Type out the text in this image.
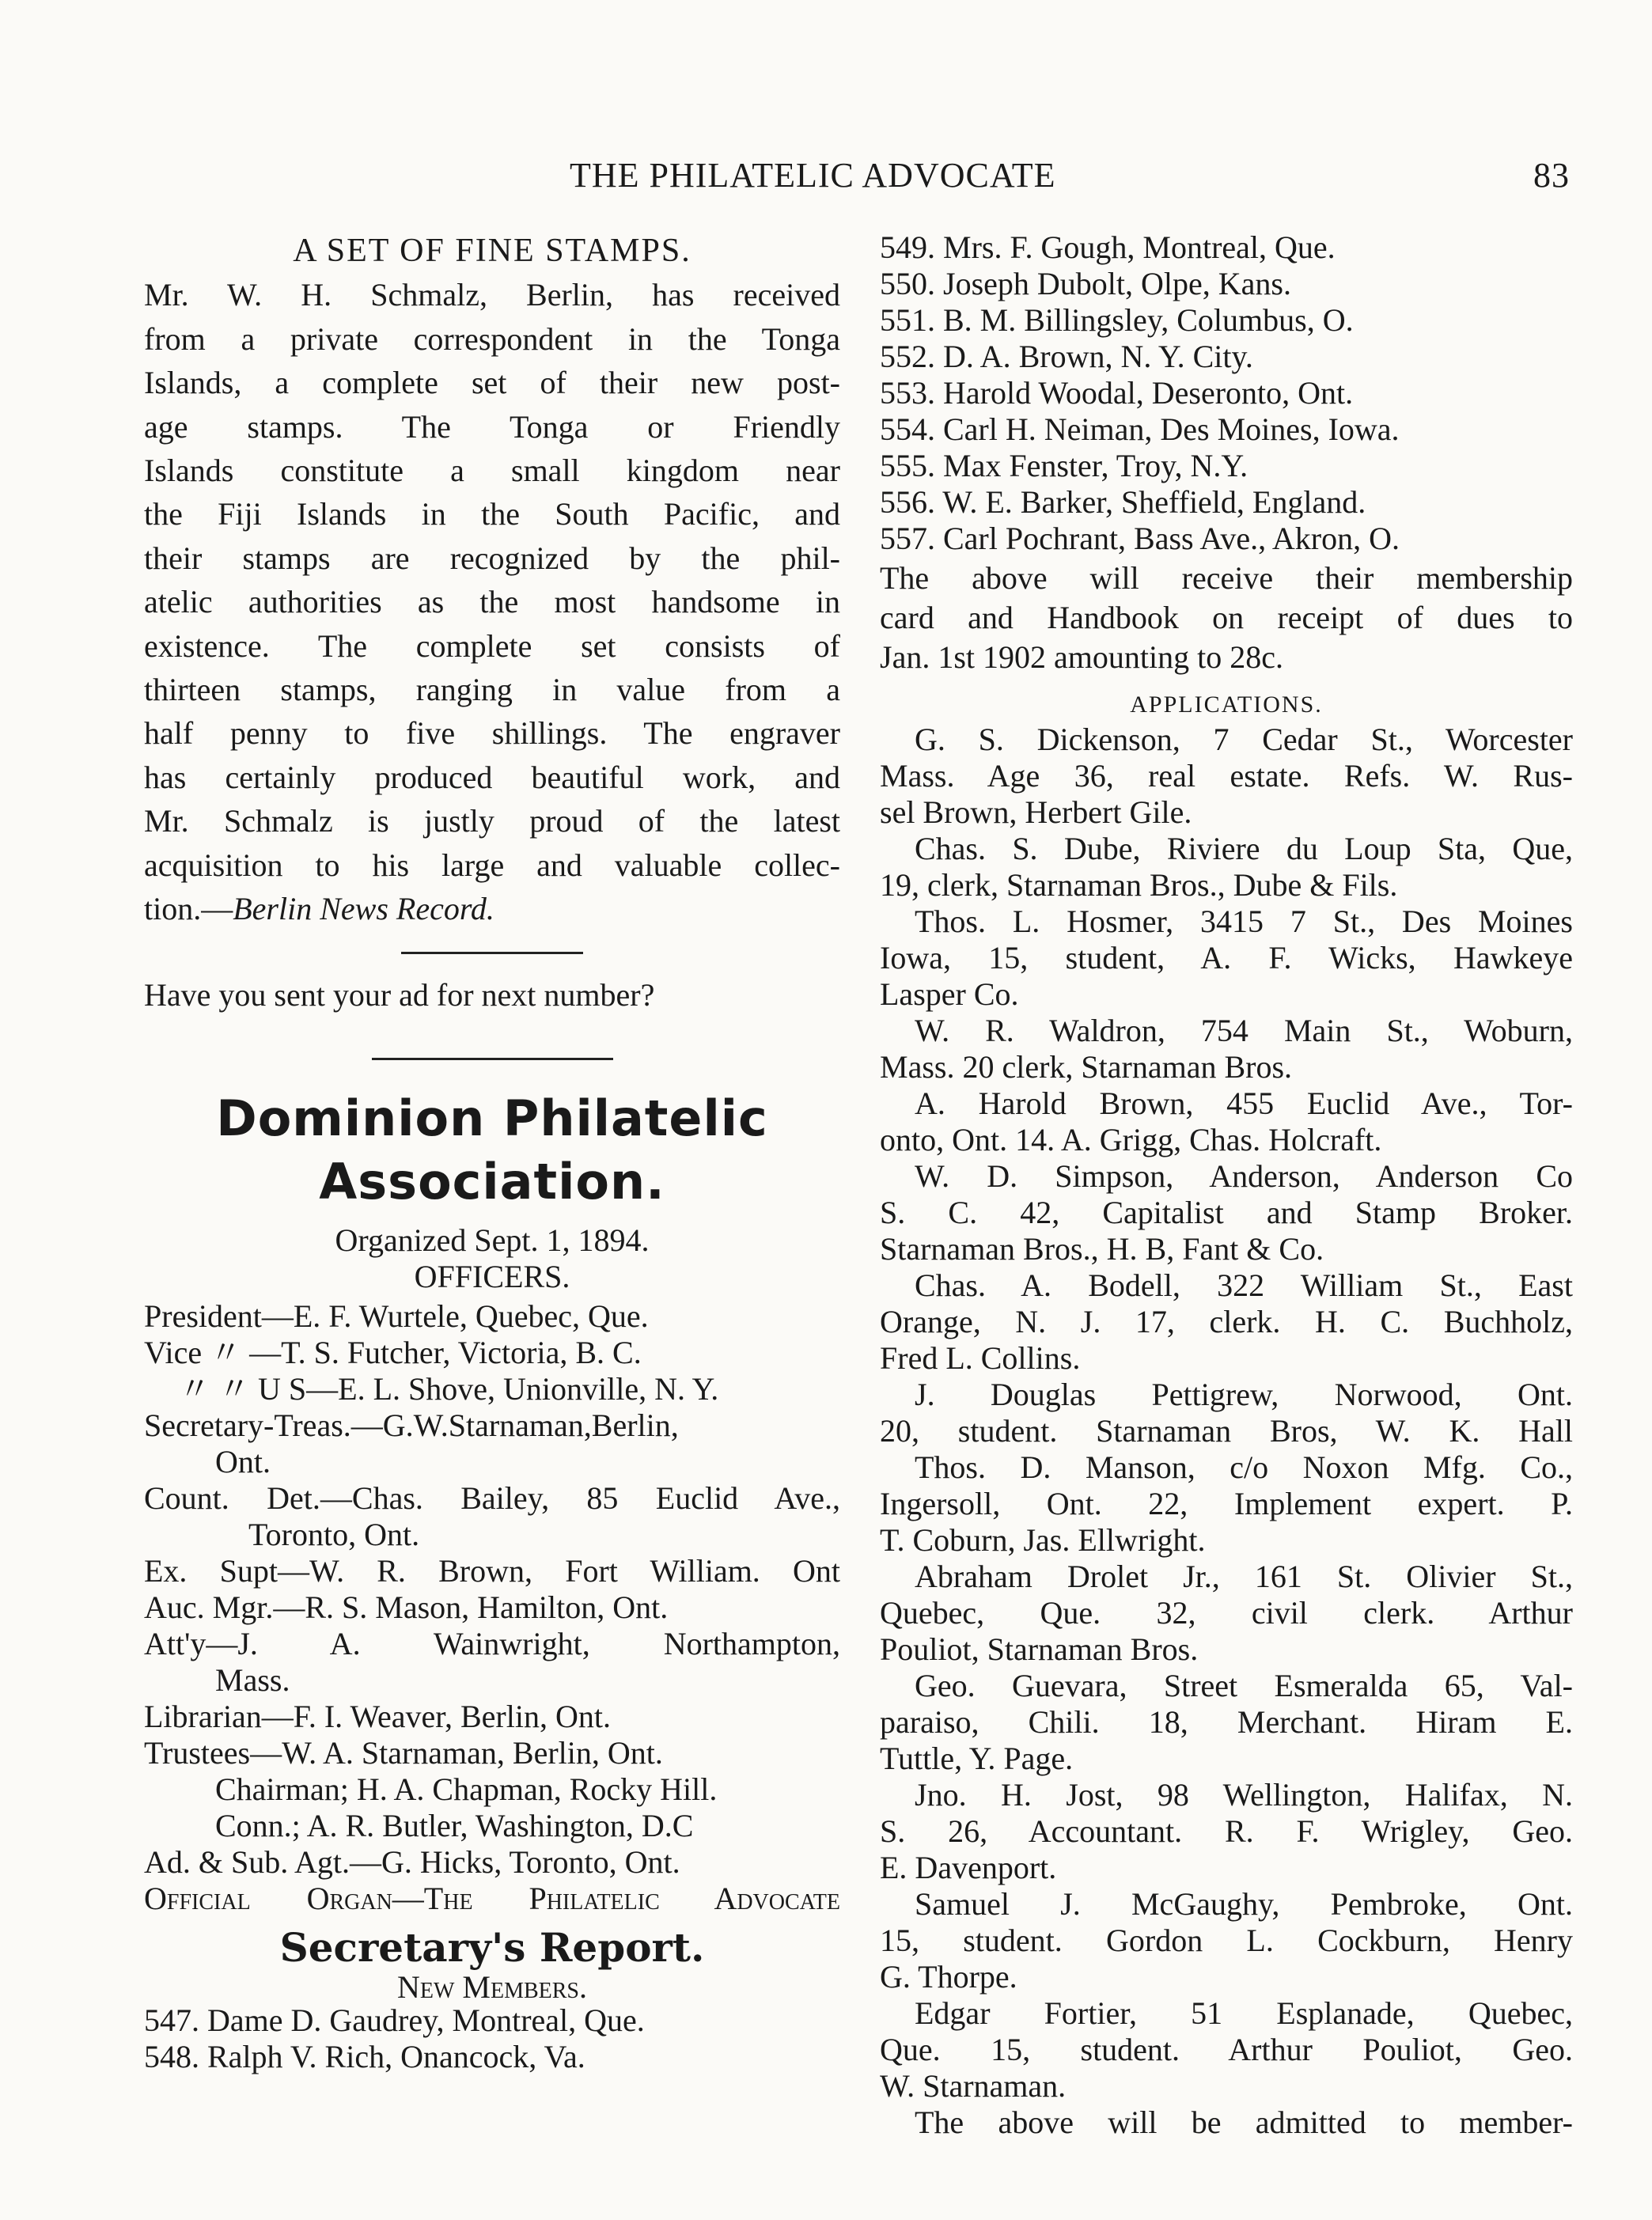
THE PHILATELIC ADVOCATE	83
A SET OF FINE STAMPS.
Mr. W. H. Schmalz, Berlin, has received
from a private correspondent in the Tonga
Islands, a complete set of their new post-
age stamps. The Tonga or Friendly
Islands constitute a small kingdom near
the Fiji Islands in the South Pacific, and
their stamps are recognized by the phil-
atelic authorities as the most handsome in
existence. The complete set consists of
thirteen stamps, ranging in value from a
half penny to five shillings. The engraver
has certainly produced beautiful work, and
Mr. Schmalz is justly proud of the latest
acquisition to his large and valuable collec-
tion.—Berlin News Record.
Have you sent your ad for next number?
Dominion Philatelic
Association.
Organized Sept. 1, 1894.
OFFICERS.
President—E. F. Wurtele, Quebec, Que.
Vice 〃 —T. S. Futcher, Victoria, B. C.
〃 〃 U S—E. L. Shove, Unionville, N. Y.
Secretary-Treas.—G.W.Starnaman,Berlin,
Ont.
Count. Det.—Chas. Bailey, 85 Euclid Ave.,
Toronto, Ont.
Ex. Supt—W. R. Brown, Fort William. Ont
Auc. Mgr.—R. S. Mason, Hamilton, Ont.
Att'y—J. A. Wainwright, Northampton,
Mass.
Librarian—F. I. Weaver, Berlin, Ont.
Trustees—W. A. Starnaman, Berlin, Ont.
Chairman; H. A. Chapman, Rocky Hill.
Conn.; A. R. Butler, Washington, D.C
Ad. & Sub. Agt.—G. Hicks, Toronto, Ont.
Official Organ—The Philatelic Advocate
Secretary's Report.
New Members.
547. Dame D. Gaudrey, Montreal, Que.
548. Ralph V. Rich, Onancock, Va.
549. Mrs. F. Gough, Montreal, Que.
550. Joseph Dubolt, Olpe, Kans.
551. B. M. Billingsley, Columbus, O.
552. D. A. Brown, N. Y. City.
553. Harold Woodal, Deseronto, Ont.
554. Carl H. Neiman, Des Moines, Iowa.
555. Max Fenster, Troy, N.Y.
556. W. E. Barker, Sheffield, England.
557. Carl Pochrant, Bass Ave., Akron, O.
The above will receive their membership
card and Handbook on receipt of dues to
Jan. 1st 1902 amounting to 28c.
APPLICATIONS.
G. S. Dickenson, 7 Cedar St., Worcester
Mass. Age 36, real estate. Refs. W. Rus-
sel Brown, Herbert Gile.
Chas. S. Dube, Riviere du Loup Sta, Que,
19, clerk, Starnaman Bros., Dube & Fils.
Thos. L. Hosmer, 3415 7 St., Des Moines
Iowa, 15, student, A. F. Wicks, Hawkeye
Lasper Co.
W. R. Waldron, 754 Main St., Woburn,
Mass. 20 clerk, Starnaman Bros.
A. Harold Brown, 455 Euclid Ave., Tor-
onto, Ont. 14. A. Grigg, Chas. Holcraft.
W. D. Simpson, Anderson, Anderson Co
S. C. 42, Capitalist and Stamp Broker.
Starnaman Bros., H. B, Fant & Co.
Chas. A. Bodell, 322 William St., East
Orange, N. J. 17, clerk. H. C. Buchholz,
Fred L. Collins.
J. Douglas Pettigrew, Norwood, Ont.
20, student. Starnaman Bros, W. K. Hall
Thos. D. Manson, c/o Noxon Mfg. Co.,
Ingersoll, Ont. 22, Implement expert. P.
T. Coburn, Jas. Ellwright.
Abraham Drolet Jr., 161 St. Olivier St.,
Quebec, Que. 32, civil clerk. Arthur
Pouliot, Starnaman Bros.
Geo. Guevara, Street Esmeralda 65, Val-
paraiso, Chili. 18, Merchant. Hiram E.
Tuttle, Y. Page.
Jno. H. Jost, 98 Wellington, Halifax, N.
S. 26, Accountant. R. F. Wrigley, Geo.
E. Davenport.
Samuel J. McGaughy, Pembroke, Ont.
15, student. Gordon L. Cockburn, Henry
G. Thorpe.
Edgar Fortier, 51 Esplanade, Quebec,
Que. 15, student. Arthur Pouliot, Geo.
W. Starnaman.
The above will be admitted to member-
